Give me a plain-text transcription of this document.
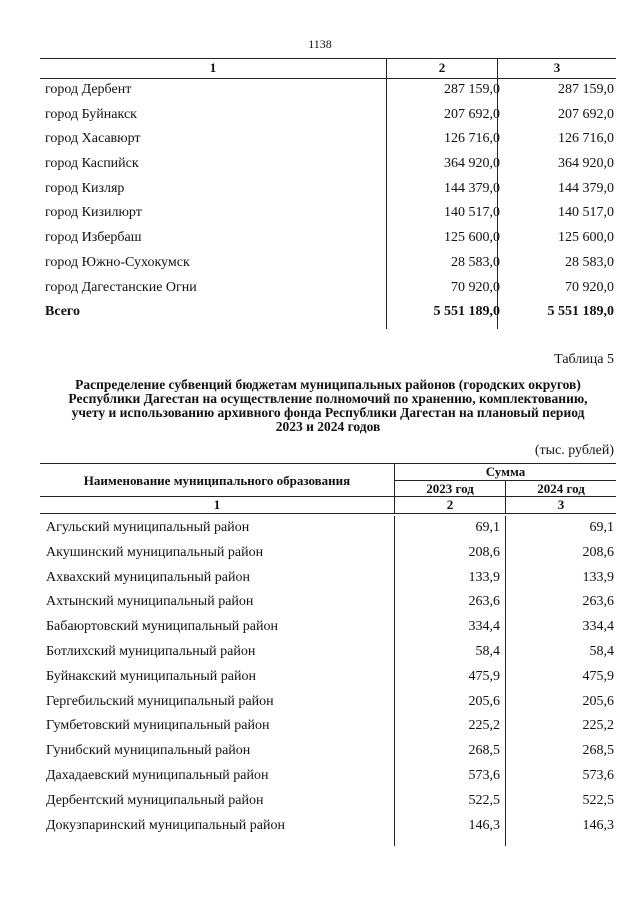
1138
1	2	3
город Дербент	287 159,0	287 159,0
город Буйнакск	207 692,0	207 692,0
город Хасавюрт	126 716,0	126 716,0
город Каспийск	364 920,0	364 920,0
город Кизляр	144 379,0	144 379,0
город Кизилюрт	140 517,0	140 517,0
город Избербаш	125 600,0	125 600,0
город Южно-Сухокумск	28 583,0	28 583,0
город Дагестанские Огни	70 920,0	70 920,0
Всего	5 551 189,0	5 551 189,0
Таблица 5
Распределение субвенций бюджетам муниципальных районов (городских округов)
Республики Дагестан на осуществление полномочий по хранению, комплектованию,
учету и использованию архивного фонда Республики Дагестан на плановый период
2023 и 2024 годов
(тыс. рублей)
Наименование муниципального образования
Сумма
2023 год	2024 год
1	2	3
Агульский муниципальный район	69,1	69,1
Акушинский муниципальный район	208,6	208,6
Ахвахский муниципальный район	133,9	133,9
Ахтынский муниципальный район	263,6	263,6
Бабаюртовский муниципальный район	334,4	334,4
Ботлихский муниципальный район	58,4	58,4
Буйнакский муниципальный район	475,9	475,9
Гергебильский муниципальный район	205,6	205,6
Гумбетовский муниципальный район	225,2	225,2
Гунибский муниципальный район	268,5	268,5
Дахадаевский муниципальный район	573,6	573,6
Дербентский муниципальный район	522,5	522,5
Докузпаринский муниципальный район	146,3	146,3
